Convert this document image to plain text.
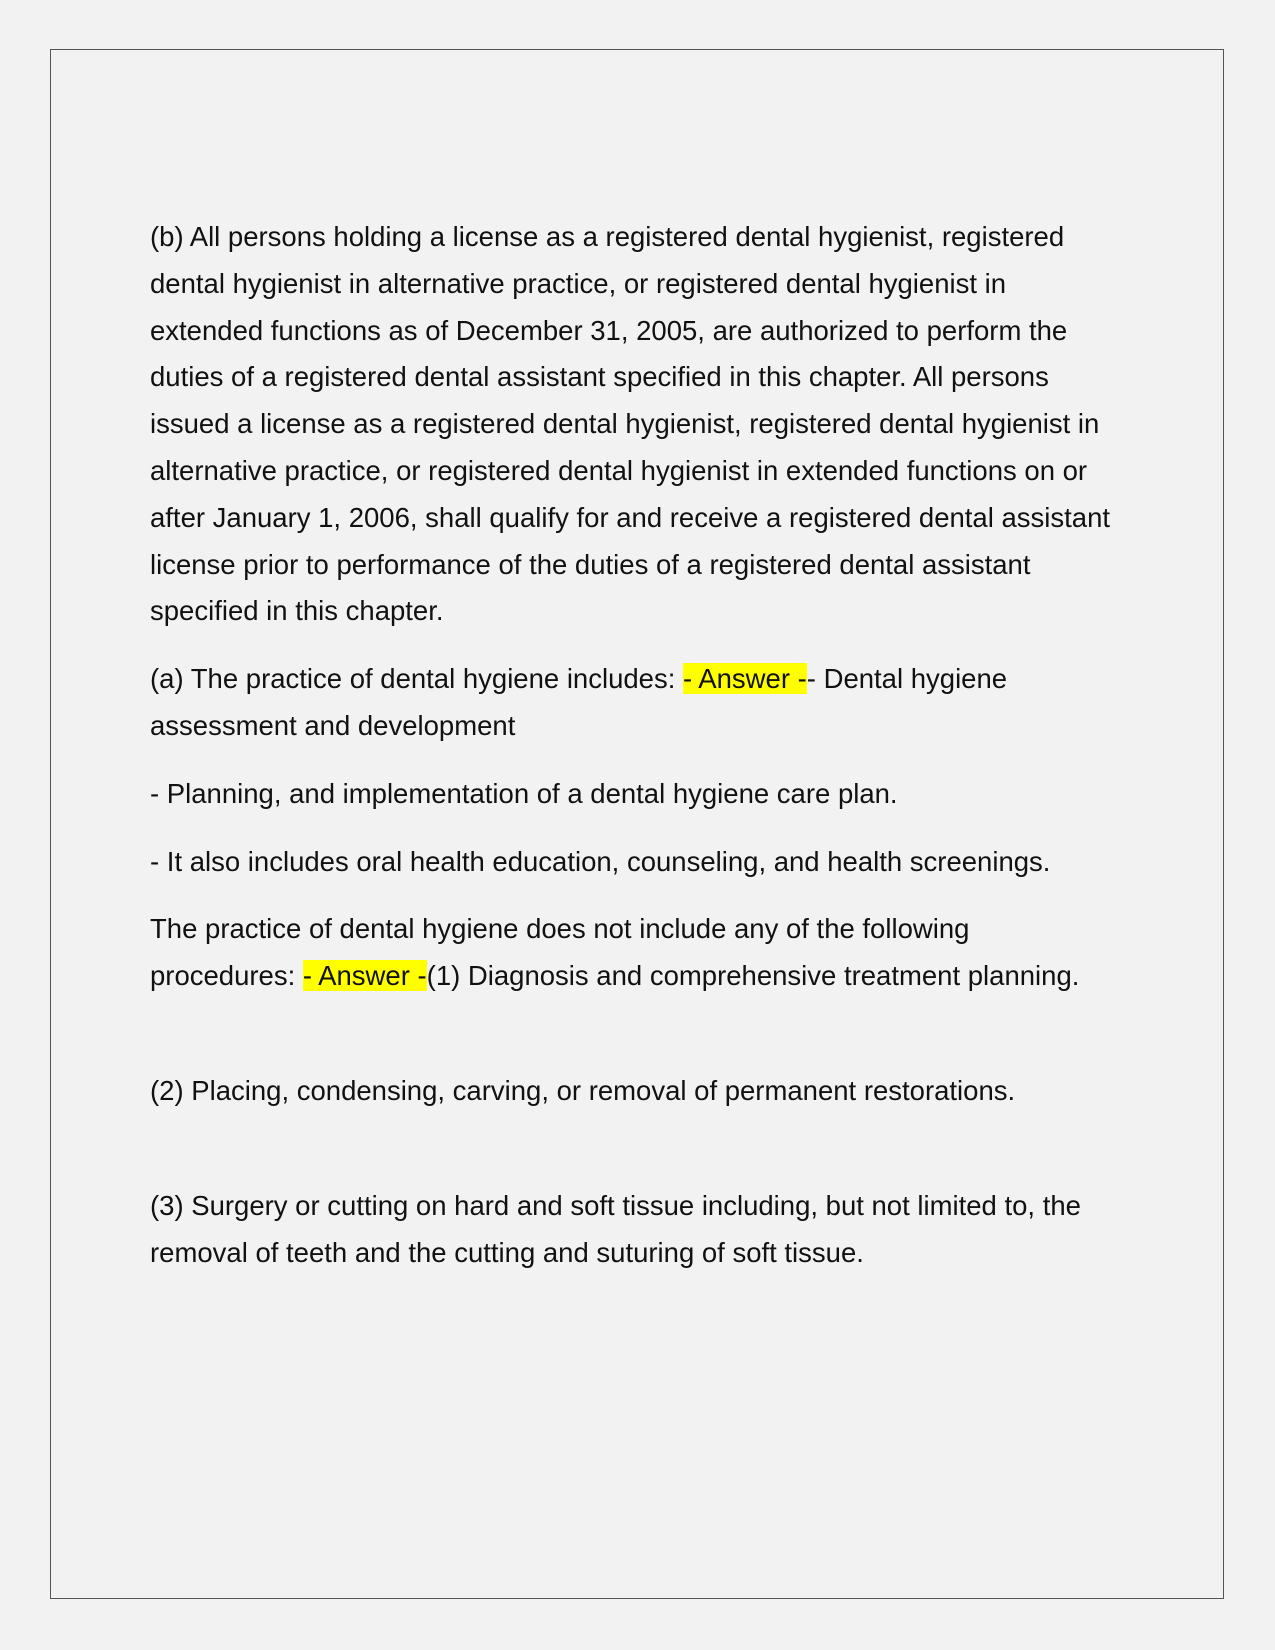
(b) All persons holding a license as a registered dental hygienist, registered dental hygienist in alternative practice, or registered dental hygienist in extended functions as of December 31, 2005, are authorized to perform the duties of a registered dental assistant specified in this chapter. All persons issued a license as a registered dental hygienist, registered dental hygienist in alternative practice, or registered dental hygienist in extended functions on or after January 1, 2006, shall qualify for and receive a registered dental assistant license prior to performance of the duties of a registered dental assistant specified in this chapter.

(a) The practice of dental hygiene includes: - Answer -- Dental hygiene assessment and development

- Planning, and implementation of a dental hygiene care plan.

- It also includes oral health education, counseling, and health screenings.

The practice of dental hygiene does not include any of the following procedures: - Answer -(1) Diagnosis and comprehensive treatment planning.

(2) Placing, condensing, carving, or removal of permanent restorations.

(3) Surgery or cutting on hard and soft tissue including, but not limited to, the removal of teeth and the cutting and suturing of soft tissue.
